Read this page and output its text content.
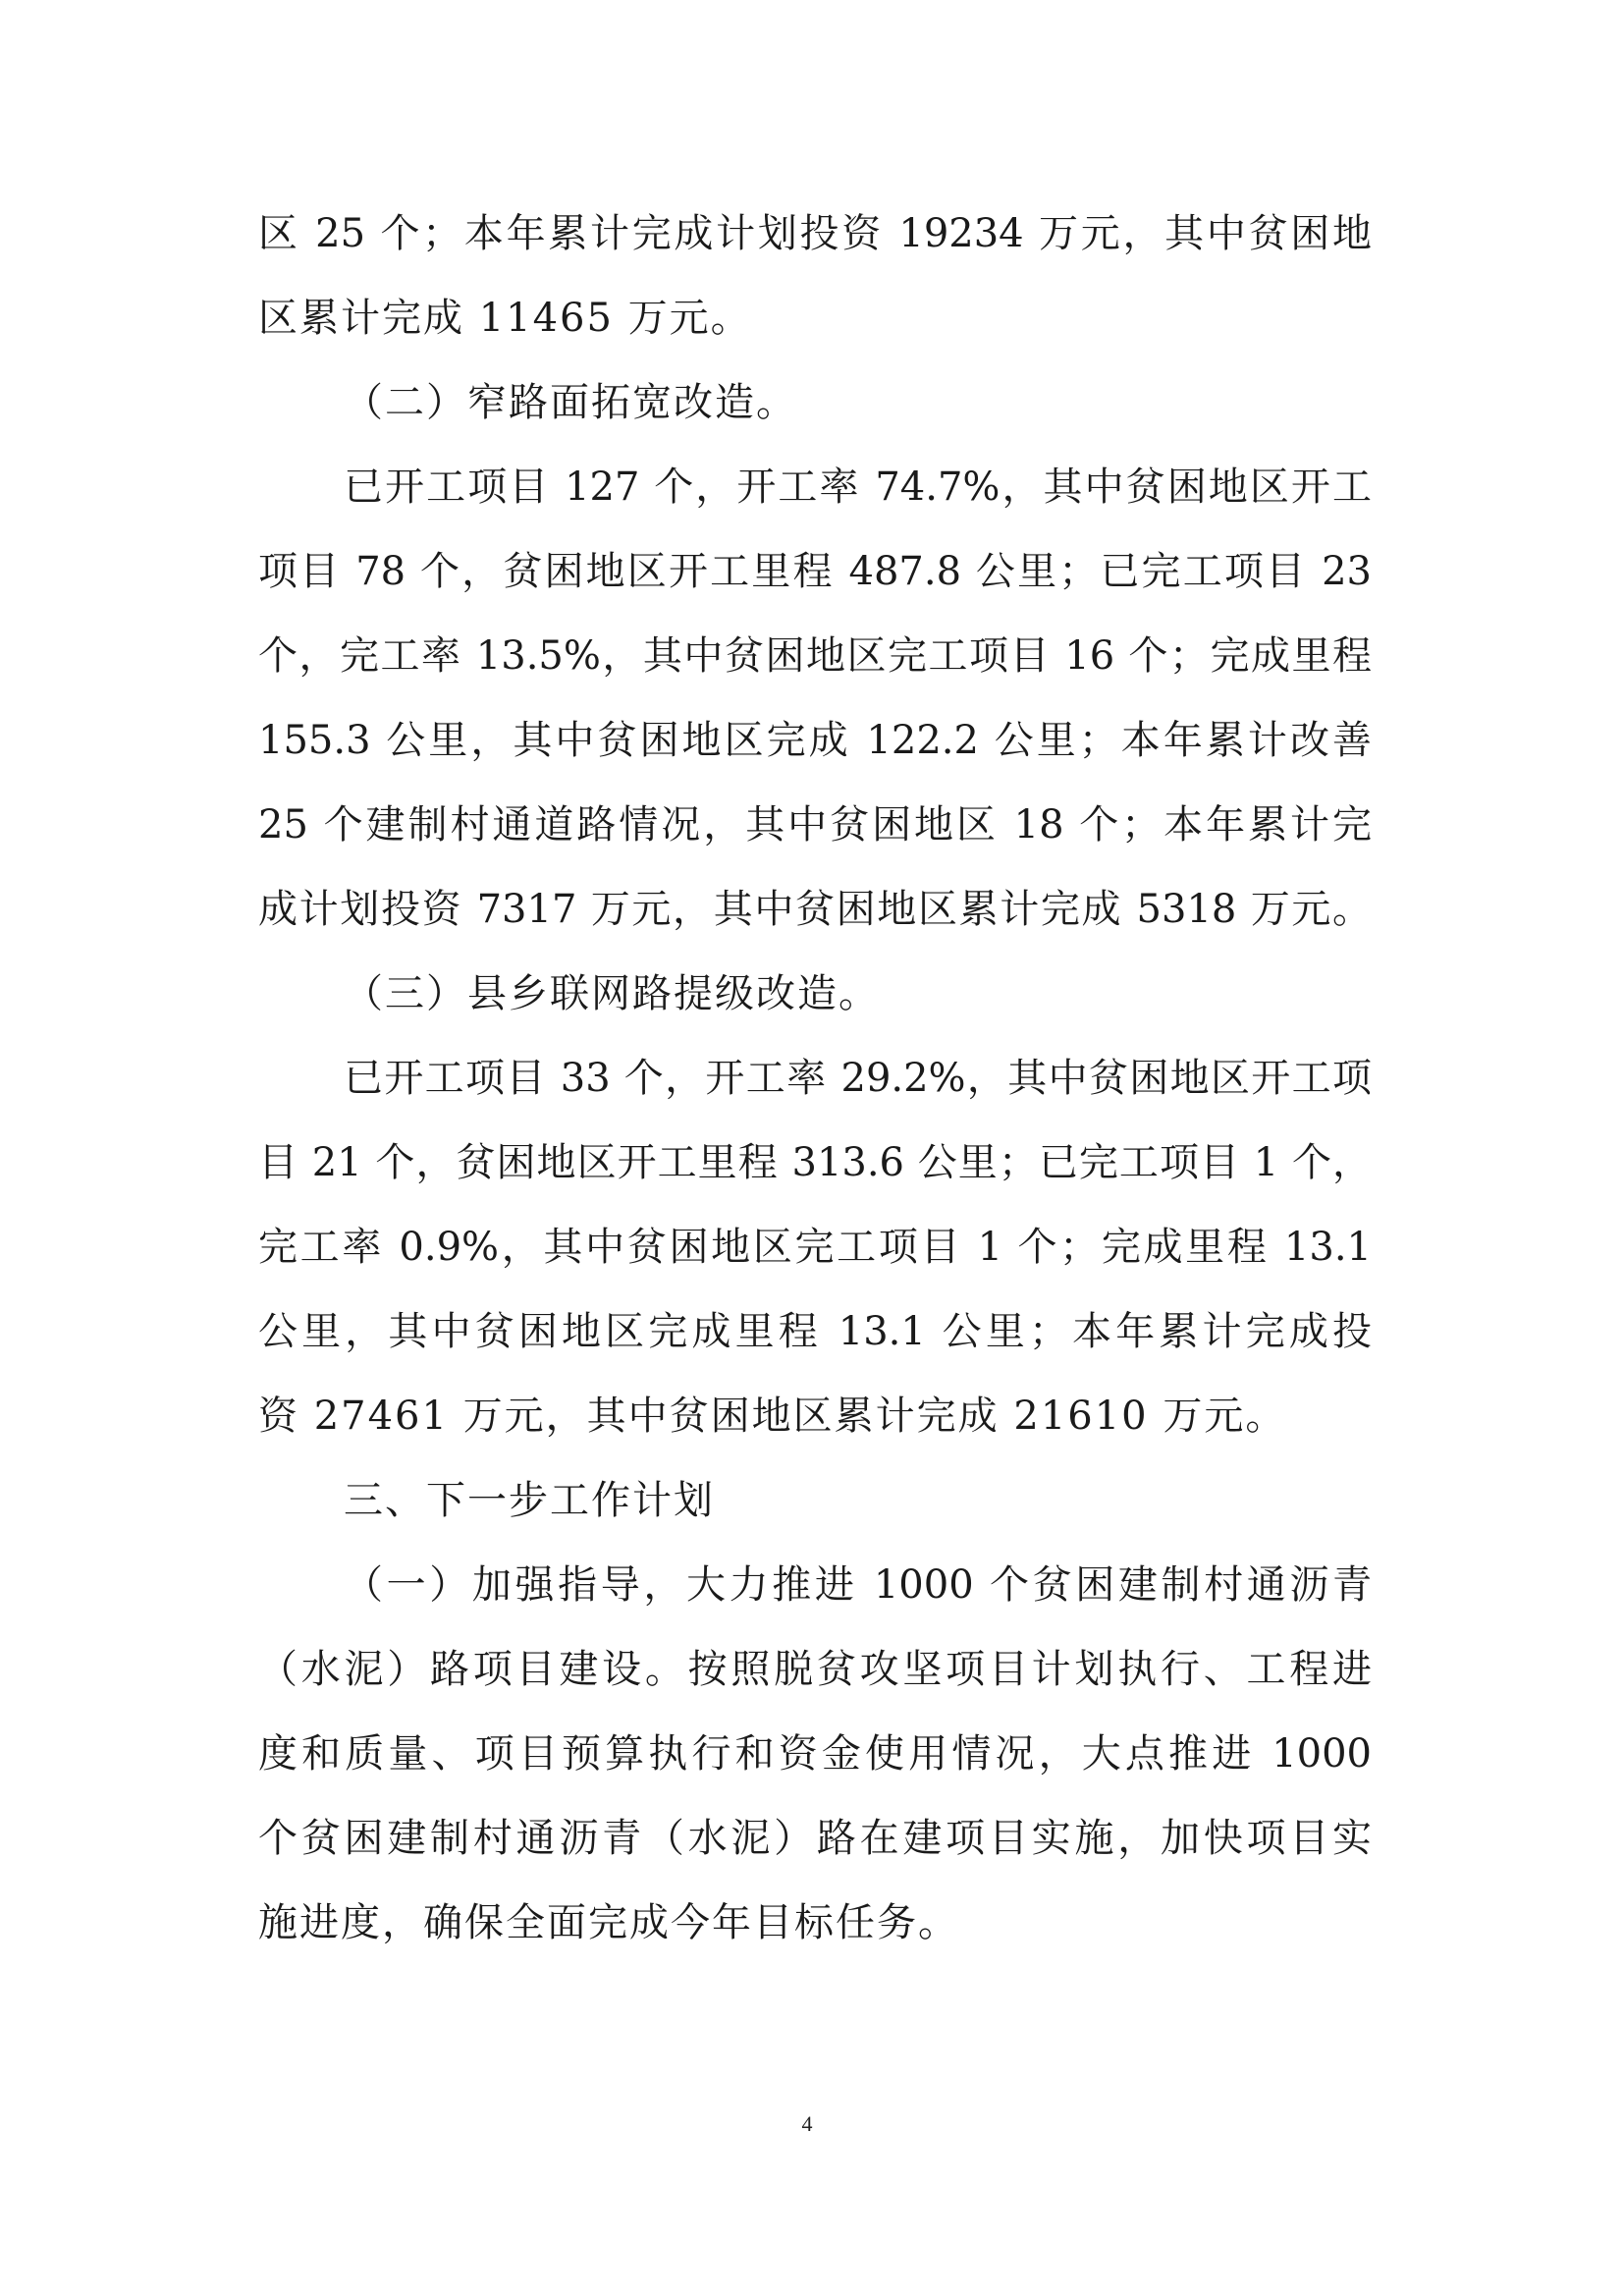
区 25 个；本年累计完成计划投资 19234 万元，其中贫困地
区累计完成 11465 万元。
（二）窄路面拓宽改造。
已开工项目 127 个，开工率 74.7%，其中贫困地区开工
项目 78 个，贫困地区开工里程 487.8 公里；已完工项目 23
个，完工率 13.5%，其中贫困地区完工项目 16 个；完成里程
155.3 公里，其中贫困地区完成 122.2 公里；本年累计改善
25 个建制村通道路情况，其中贫困地区 18 个；本年累计完
成计划投资 7317 万元，其中贫困地区累计完成 5318 万元。
（三）县乡联网路提级改造。
已开工项目 33 个，开工率 29.2%，其中贫困地区开工项
目 21 个，贫困地区开工里程 313.6 公里；已完工项目 1 个，
完工率 0.9%，其中贫困地区完工项目 1 个；完成里程 13.1
公里，其中贫困地区完成里程 13.1 公里；本年累计完成投
资 27461 万元，其中贫困地区累计完成 21610 万元。
三、下一步工作计划
（一）加强指导，大力推进 1000 个贫困建制村通沥青
（水泥）路项目建设。按照脱贫攻坚项目计划执行、工程进
度和质量、项目预算执行和资金使用情况，大点推进 1000
个贫困建制村通沥青（水泥）路在建项目实施，加快项目实
施进度，确保全面完成今年目标任务。
4
